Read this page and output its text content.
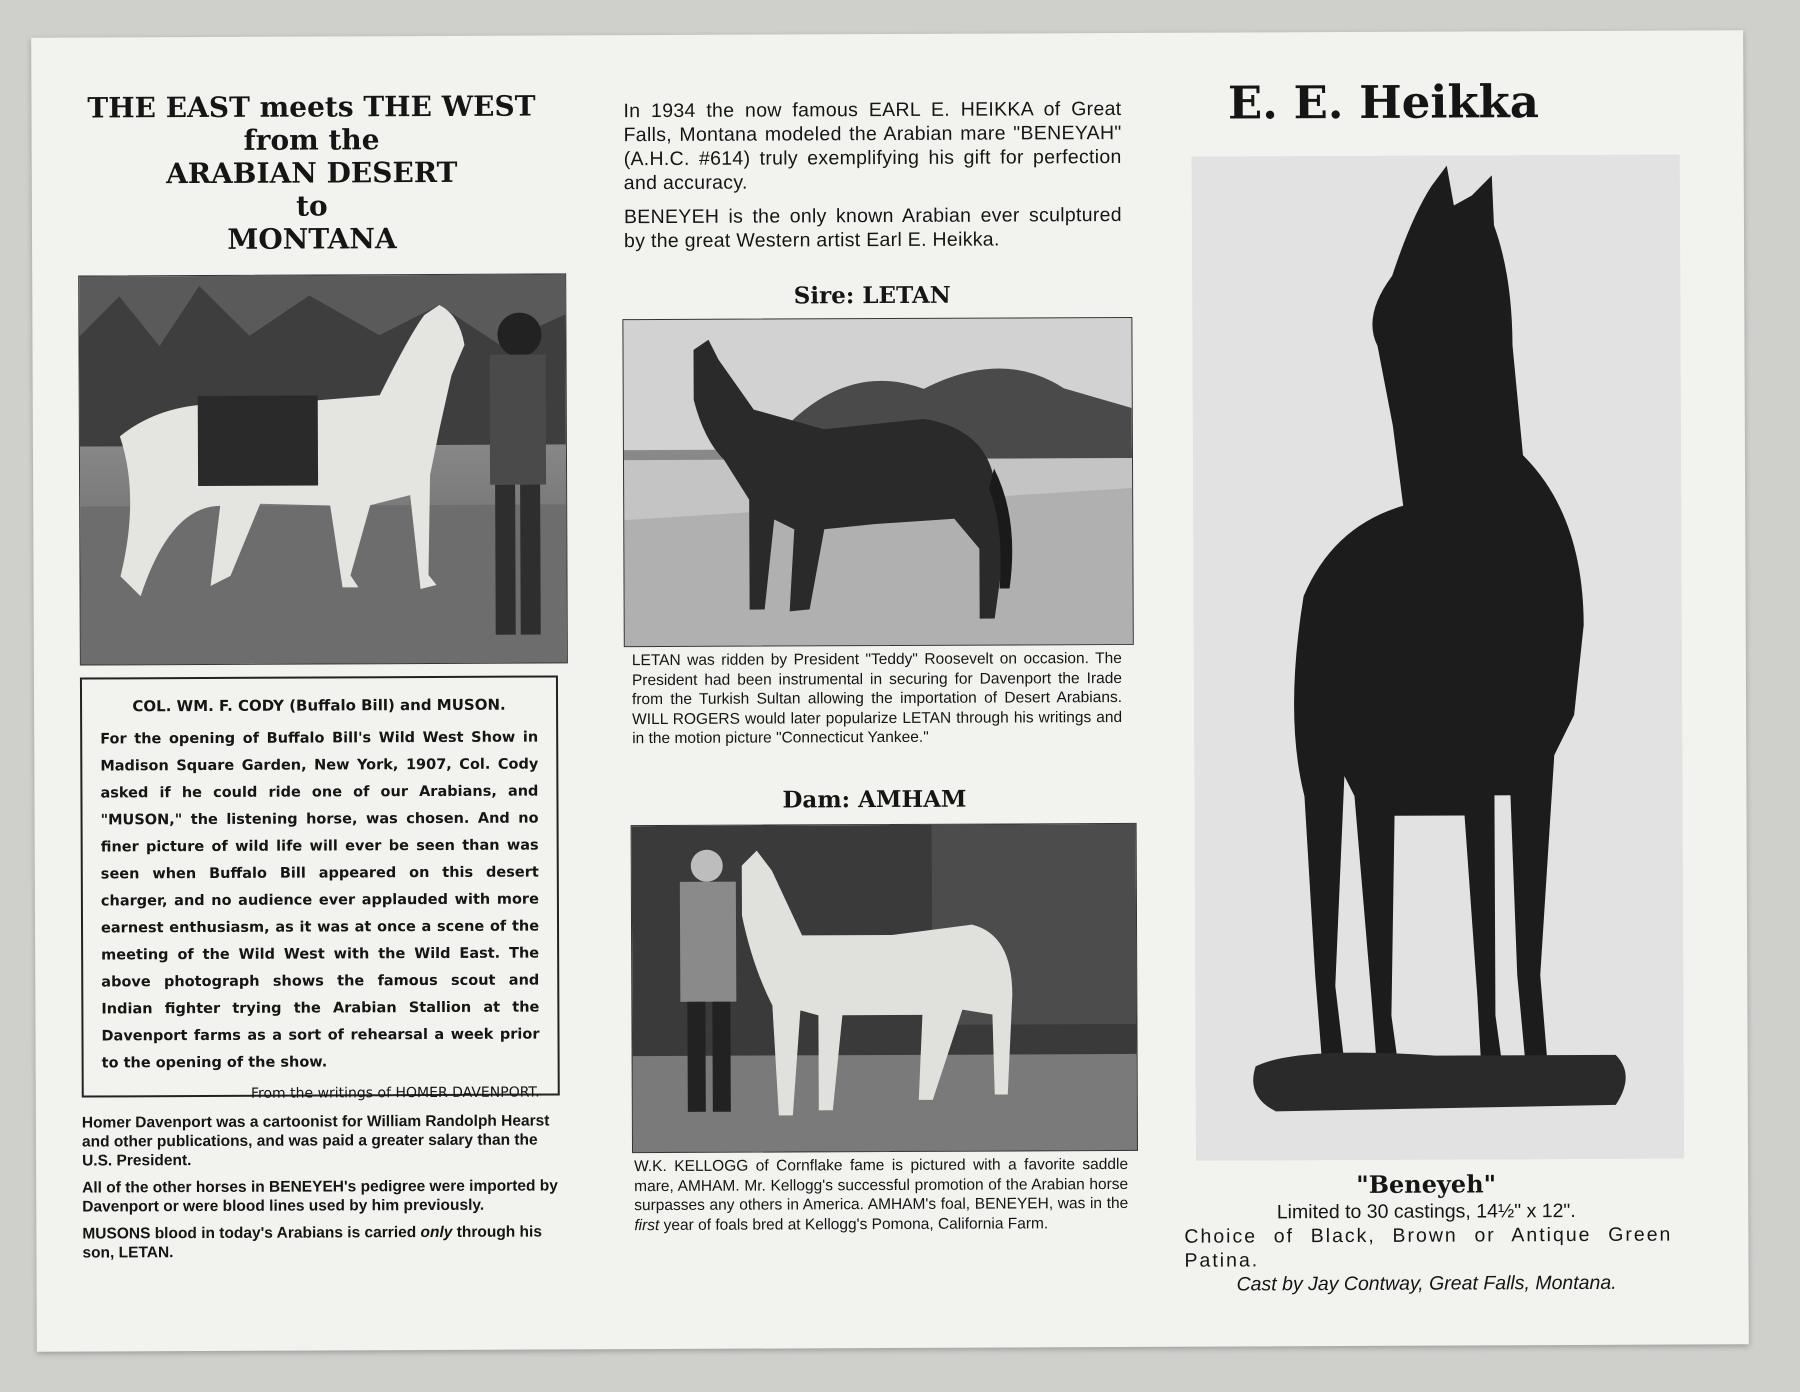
THE EAST meets THE WEST
from the
ARABIAN DESERT
to
MONTANA
COL. WM. F. CODY (Buffalo Bill) and MUSON.
For the opening of Buffalo Bill's Wild West Show in Madison Square Garden, New York, 1907, Col. Cody asked if he could ride one of our Arabians, and "MUSON," the listening horse, was chosen. And no finer picture of wild life will ever be seen than was seen when Buffalo Bill appeared on this desert charger, and no audience ever applauded with more earnest enthusiasm, as it was at once a scene of the meeting of the Wild West with the Wild East. The above photograph shows the famous scout and Indian fighter trying the Arabian Stallion at the Davenport farms as a sort of rehearsal a week prior to the opening of the show.
From the writings of HOMER DAVENPORT.

Homer Davenport was a cartoonist for William Randolph Hearst and other publications, and was paid a greater salary than the U.S. President.

All of the other horses in BENEYEH's pedigree were imported by Davenport or were blood lines used by him previously.

MUSONS blood in today's Arabians is carried only through his son, LETAN.

In 1934 the now famous EARL E. HEIKKA of Great Falls, Montana modeled the Arabian mare "BENEYAH" (A.H.C. #614) truly exemplifying his gift for perfection and accuracy.

BENEYEH is the only known Arabian ever sculptured by the great Western artist Earl E. Heikka.

Sire: LETAN
LETAN was ridden by President "Teddy" Roosevelt on occasion. The President had been instrumental in securing for Davenport the Irade from the Turkish Sultan allowing the importation of Desert Arabians. WILL ROGERS would later popularize LETAN through his writings and in the motion picture "Connecticut Yankee."
Dam: AMHAM
W.K. KELLOGG of Cornflake fame is pictured with a favorite saddle mare, AMHAM. Mr. Kellogg's successful promotion of the Arabian horse surpasses any others in America. AMHAM's foal, BENEYEH, was in the first year of foals bred at Kellogg's Pomona, California Farm.
E. E. Heikka
"Beneyeh"
Limited to 30 castings, 14½" x 12".
Choice of Black, Brown or Antique Green Patina.
Cast by Jay Contway, Great Falls, Montana.
